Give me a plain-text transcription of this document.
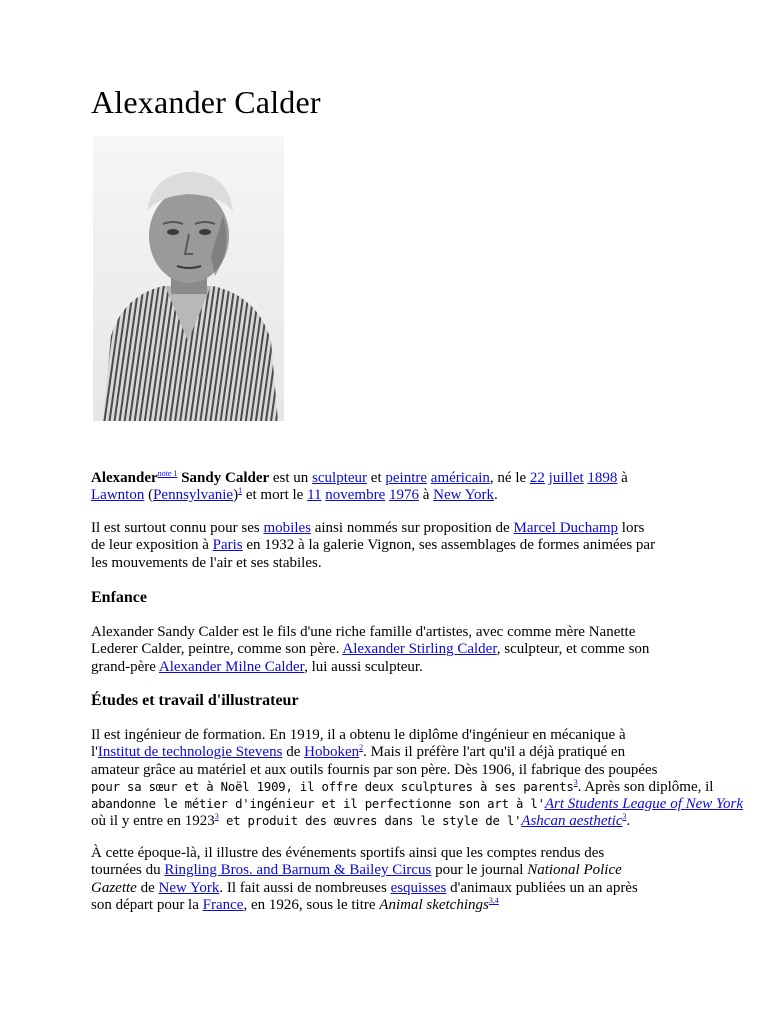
Alexander Calder

Alexander$^{note 1}$ Sandy Calder est un sculpteur et peintre américain, né le 22 juillet 1898 à
Lawnton (Pennsylvanie)$^1$ et mort le 11 novembre 1976 à New York.

Il est surtout connu pour ses mobiles ainsi nommés sur proposition de Marcel Duchamp lors
de leur exposition à Paris en 1932 à la galerie Vignon, ses assemblages de formes animées par
les mouvements de l'air et ses stabiles.

Enfance

Alexander Sandy Calder est le fils d'une riche famille d'artistes, avec comme mère Nanette
Lederer Calder, peintre, comme son père. Alexander Stirling Calder, sculpteur, et comme son
grand-père Alexander Milne Calder, lui aussi sculpteur.

Études et travail d'illustrateur

Il est ingénieur de formation. En 1919, il a obtenu le diplôme d'ingénieur en mécanique à
l'Institut de technologie Stevens de Hoboken$^2$. Mais il préfère l'art qu'il a déjà pratiqué en
amateur grâce au matériel et aux outils fournis par son père. Dès 1906, il fabrique des poupées
pour sa sœur et à Noël 1909, il offre deux sculptures à ses parents$^3$. Après son diplôme, il
abandonne le métier d'ingénieur et il perfectionne son art à l'Art Students League of New York
où il y entre en 1923$^3$ et produit des œuvres dans le style de l'Ashcan aesthetic$^3$.

À cette époque-là, il illustre des événements sportifs ainsi que les comptes rendus des
tournées du Ringling Bros. and Barnum & Bailey Circus pour le journal National Police
Gazette de New York. Il fait aussi de nombreuses esquisses d'animaux publiées un an après
son départ pour la France, en 1926, sous le titre Animal sketchings$^{3,4}$
